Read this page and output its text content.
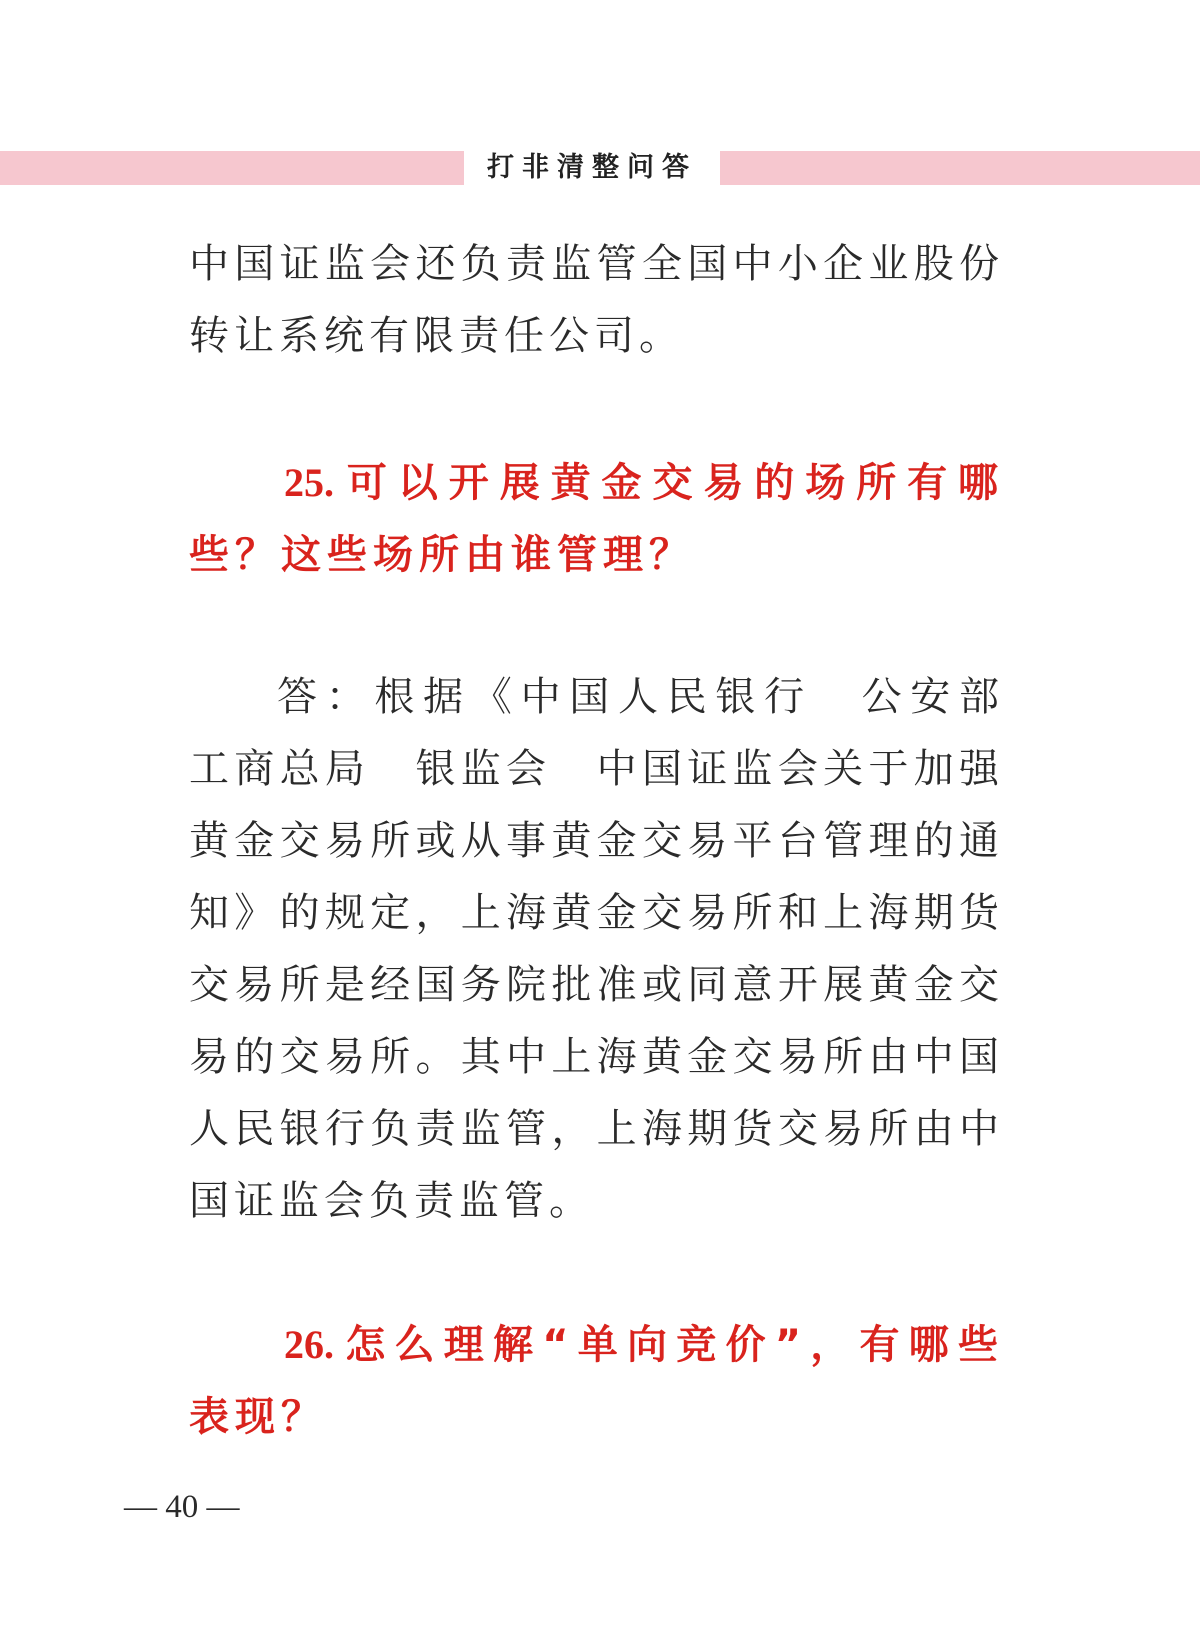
打非清整问答

中国证监会还负责监管全国中小企业股份转让系统有限责任公司。

25. 可以开展黄金交易的场所有哪些？这些场所由谁管理？

答：根据《中国人民银行　公安部　工商总局　银监会　中国证监会关于加强黄金交易所或从事黄金交易平台管理的通知》的规定，上海黄金交易所和上海期货交易所是经国务院批准或同意开展黄金交易的交易所。其中上海黄金交易所由中国人民银行负责监管，上海期货交易所由中国证监会负责监管。

26. 怎么理解“单向竞价”，有哪些表现？
— 40 —
